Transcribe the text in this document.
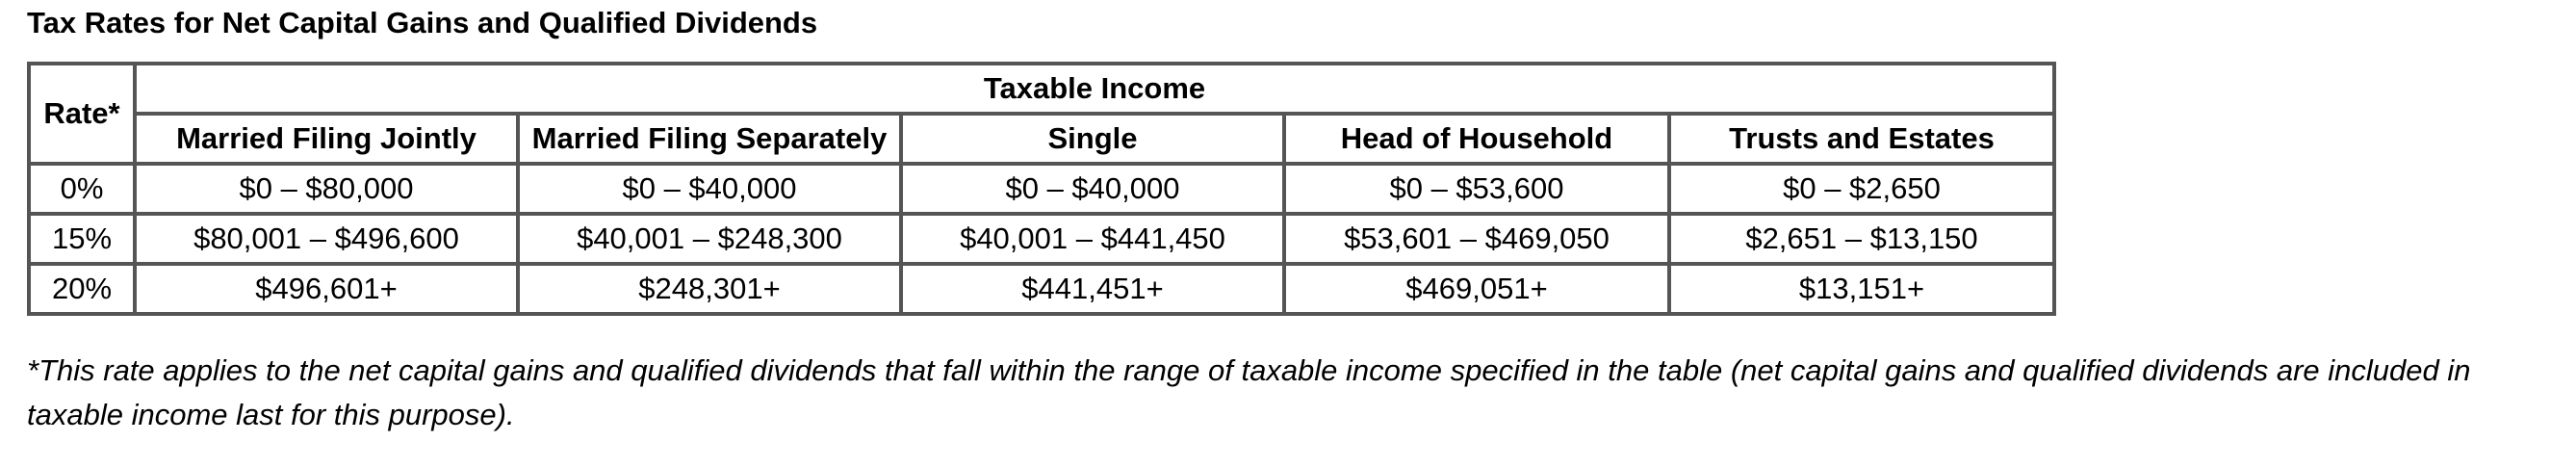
Tax Rates for Net Capital Gains and Qualified Dividends
Rate*	Taxable Income				
	Married Filing Jointly	Married Filing Separately	Single	Head of Household	Trusts and Estates
0%	$0 – $80,000	$0 – $40,000	$0 – $40,000	$0 – $53,600	$0 – $2,650
15%	$80,001 – $496,600	$40,001 – $248,300	$40,001 – $441,450	$53,601 – $469,050	$2,651 – $13,150
20%	$496,601+	$248,301+	$441,451+	$469,051+	$13,151+
*This rate applies to the net capital gains and qualified dividends that fall within the range of taxable income specified in the table (net capital gains and qualified dividends are included in taxable income last for this purpose).
